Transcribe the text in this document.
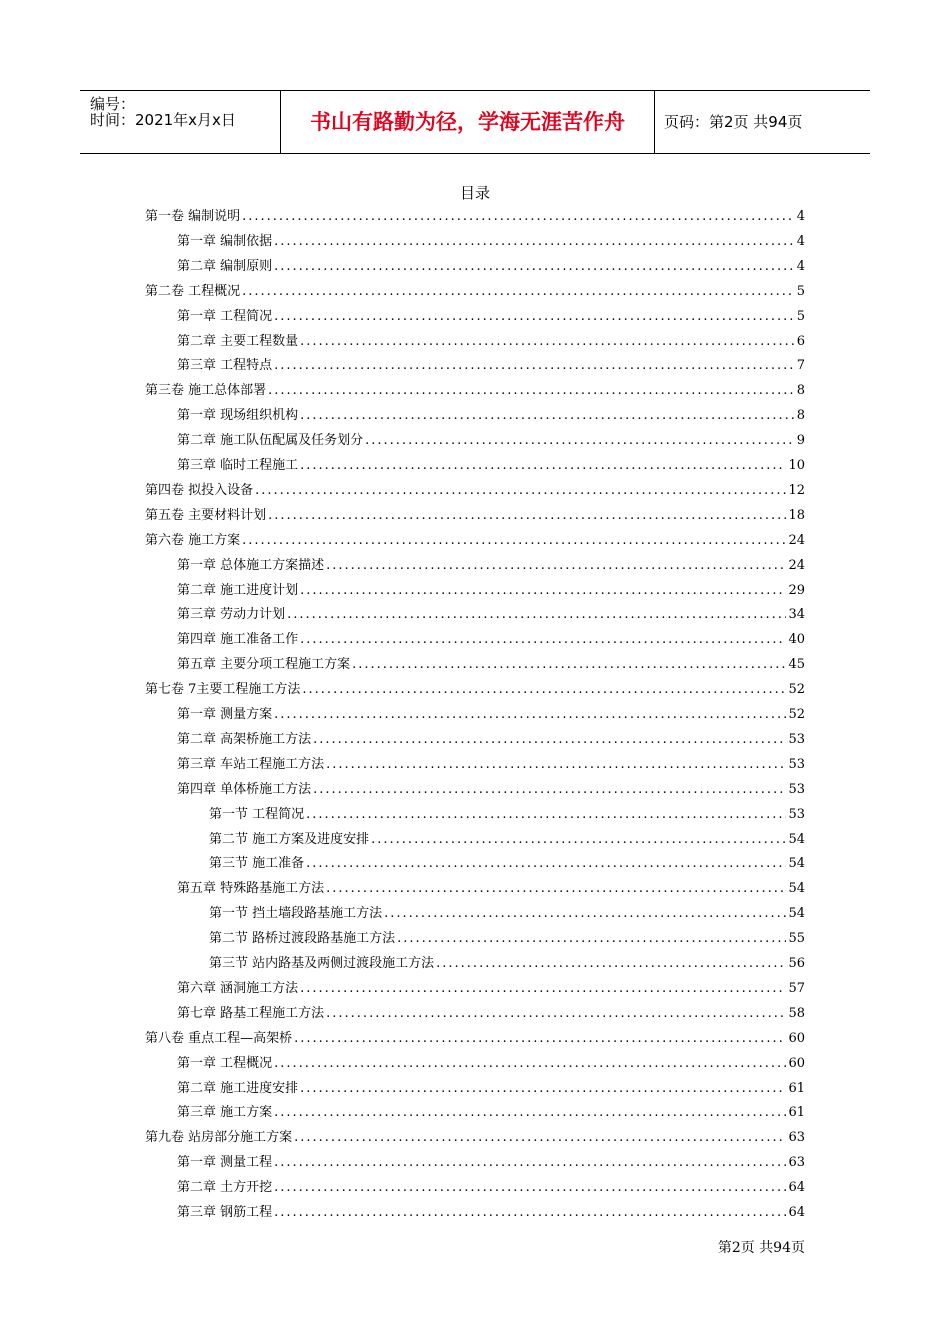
编号：
时间：2021年x月x日	书山有路勤为径，学海无涯苦作舟	页码：第2页 共94页
目录
第一卷 编制说明 .....	4
第一章 编制依据 .....	4
第二章 编制原则 .....	4
第二卷 工程概况 .....	5
第一章 工程简况 .....	5
第二章 主要工程数量 .....	6
第三章 工程特点 .....	7
第三卷 施工总体部署 .....	8
第一章 现场组织机构 .....	8
第二章 施工队伍配属及任务划分 .....	9
第三章 临时工程施工 .....	10
第四卷 拟投入设备 .....	12
第五卷 主要材料计划 .....	18
第六卷 施工方案 .....	24
第一章 总体施工方案描述 .....	24
第二章 施工进度计划 .....	29
第三章 劳动力计划 .....	34
第四章 施工准备工作 .....	40
第五章 主要分项工程施工方案 .....	45
第七卷 7主要工程施工方法 .....	52
第一章 测量方案 .....	52
第二章 高架桥施工方法 .....	53
第三章 车站工程施工方法 .....	53
第四章 单体桥施工方法 .....	53
第一节 工程简况 .....	53
第二节 施工方案及进度安排 .....	54
第三节 施工准备 .....	54
第五章 特殊路基施工方法 .....	54
第一节 挡土墙段路基施工方法 .....	54
第二节 路桥过渡段路基施工方法 .....	55
第三节 站内路基及两侧过渡段施工方法 .....	56
第六章 涵洞施工方法 .....	57
第七章 路基工程施工方法 .....	58
第八卷 重点工程—高架桥 .....	60
第一章 工程概况 .....	60
第二章 施工进度安排 .....	61
第三章 施工方案 .....	61
第九卷 站房部分施工方案 .....	63
第一章 测量工程 .....	63
第二章 土方开挖 .....	64
第三章 钢筋工程 .....	64
第2页 共94页
